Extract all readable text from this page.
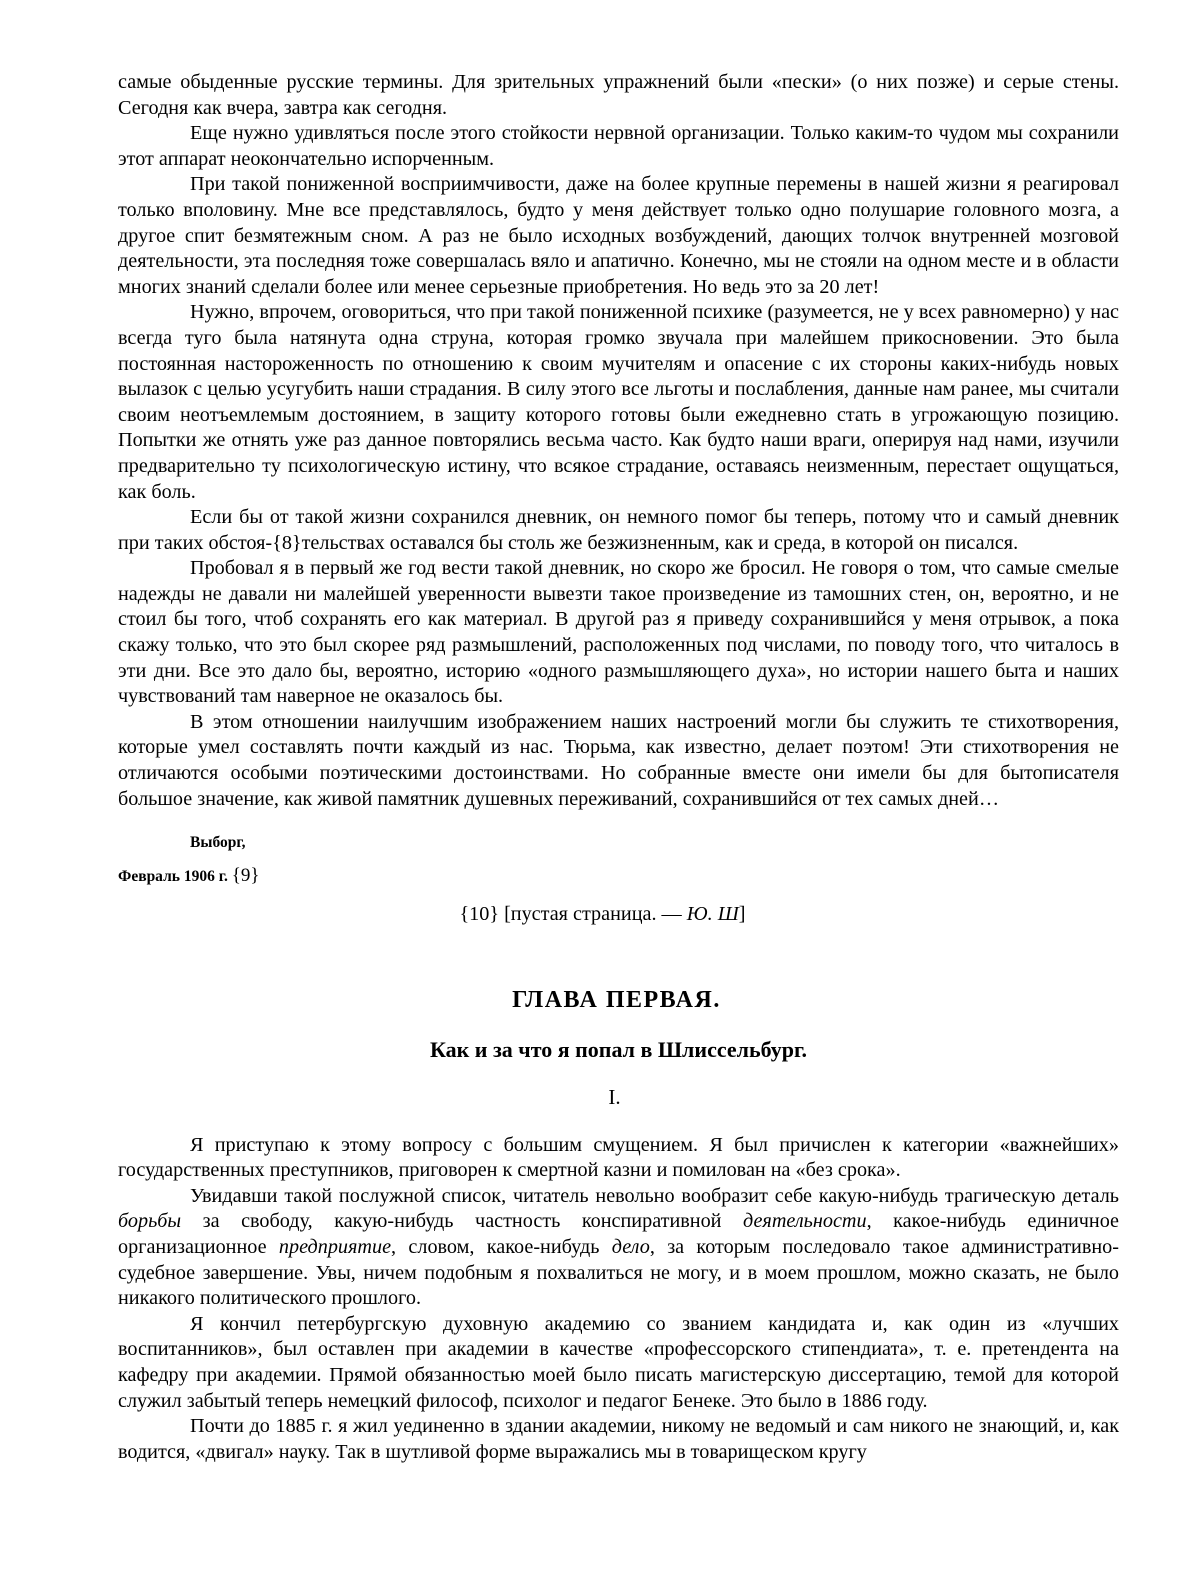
самые обыденные русские термины. Для зрительных упражнений были «пески» (о них позже) и серые стены. Сегодня как вчера, завтра как сегодня.

Еще нужно удивляться после этого стойкости нервной организации. Только каким-то чудом мы сохранили этот аппарат неокончательно испорченным.

При такой пониженной восприимчивости, даже на более крупные перемены в нашей жизни я реагировал только вполовину. Мне все представлялось, будто у меня действует только одно полушарие головного мозга, а другое спит безмятежным сном. А раз не было исходных возбуждений, дающих толчок внутренней мозговой деятельности, эта последняя тоже совершалась вяло и апатично. Конечно, мы не стояли на одном месте и в области многих знаний сделали более или менее серьезные приобретения. Но ведь это за 20 лет!

Нужно, впрочем, оговориться, что при такой пониженной психике (разумеется, не у всех равномерно) у нас всегда туго была натянута одна струна, которая громко звучала при малейшем прикосновении. Это была постоянная настороженность по отношению к своим мучителям и опасение с их стороны каких-нибудь новых вылазок с целью усугубить наши страдания. В силу этого все льготы и послабления, данные нам ранее, мы считали своим неотъемлемым достоянием, в защиту которого готовы были ежедневно стать в угрожающую позицию. Попытки же отнять уже раз данное повторялись весьма часто. Как будто наши враги, оперируя над нами, изучили предварительно ту психологическую истину, что всякое страдание, оставаясь неизменным, перестает ощущаться, как боль.

Если бы от такой жизни сохранился дневник, он немного помог бы теперь, потому что и самый дневник при таких обстоя-{8}тельствах оставался бы столь же безжизненным, как и среда, в которой он писался.

Пробовал я в первый же год вести такой дневник, но скоро же бросил. Не говоря о том, что самые смелые надежды не давали ни малейшей уверенности вывезти такое произведение из тамошних стен, он, вероятно, и не стоил бы того, чтоб сохранять его как материал. В другой раз я приведу сохранившийся у меня отрывок, а пока скажу только, что это был скорее ряд размышлений, расположенных под числами, по поводу того, что читалось в эти дни. Все это дало бы, вероятно, историю «одного размышляющего духа», но истории нашего быта и наших чувствований там наверное не оказалось бы.

В этом отношении наилучшим изображением наших настроений могли бы служить те стихотворения, которые умел составлять почти каждый из нас. Тюрьма, как известно, делает поэтом! Эти стихотворения не отличаются особыми поэтическими достоинствами. Но собранные вместе они имели бы для бытописателя большое значение, как живой памятник душевных переживаний, сохранившийся от тех самых дней…

Выборг,
Февраль 1906 г. {9}
{10} [пустая страница. — Ю. Ш]
ГЛАВА ПЕРВАЯ.
Как и за что я попал в Шлиссельбург.
I.

Я приступаю к этому вопросу с большим смущением. Я был причислен к категории «важнейших» государственных преступников, приговорен к смертной казни и помилован на «без срока».

Увидавши такой послужной список, читатель невольно вообразит себе какую-нибудь трагическую деталь борьбы за свободу, какую-нибудь частность конспиративной деятельности, какое-нибудь единичное организационное предприятие, словом, какое-нибудь дело, за которым последовало такое административно-судебное завершение. Увы, ничем подобным я похвалиться не могу, и в моем прошлом, можно сказать, не было никакого политического прошлого.

Я кончил петербургскую духовную академию со званием кандидата и, как один из «лучших воспитанников», был оставлен при академии в качестве «профессорского стипендиата», т. е. претендента на кафедру при академии. Прямой обязанностью моей было писать магистерскую диссертацию, темой для которой служил забытый теперь немецкий философ, психолог и педагог Бенеке. Это было в 1886 году.

Почти до 1885 г. я жил уединенно в здании академии, никому не ведомый и сам никого не знающий, и, как водится, «двигал» науку. Так в шутливой форме выражались мы в товарищеском кругу
